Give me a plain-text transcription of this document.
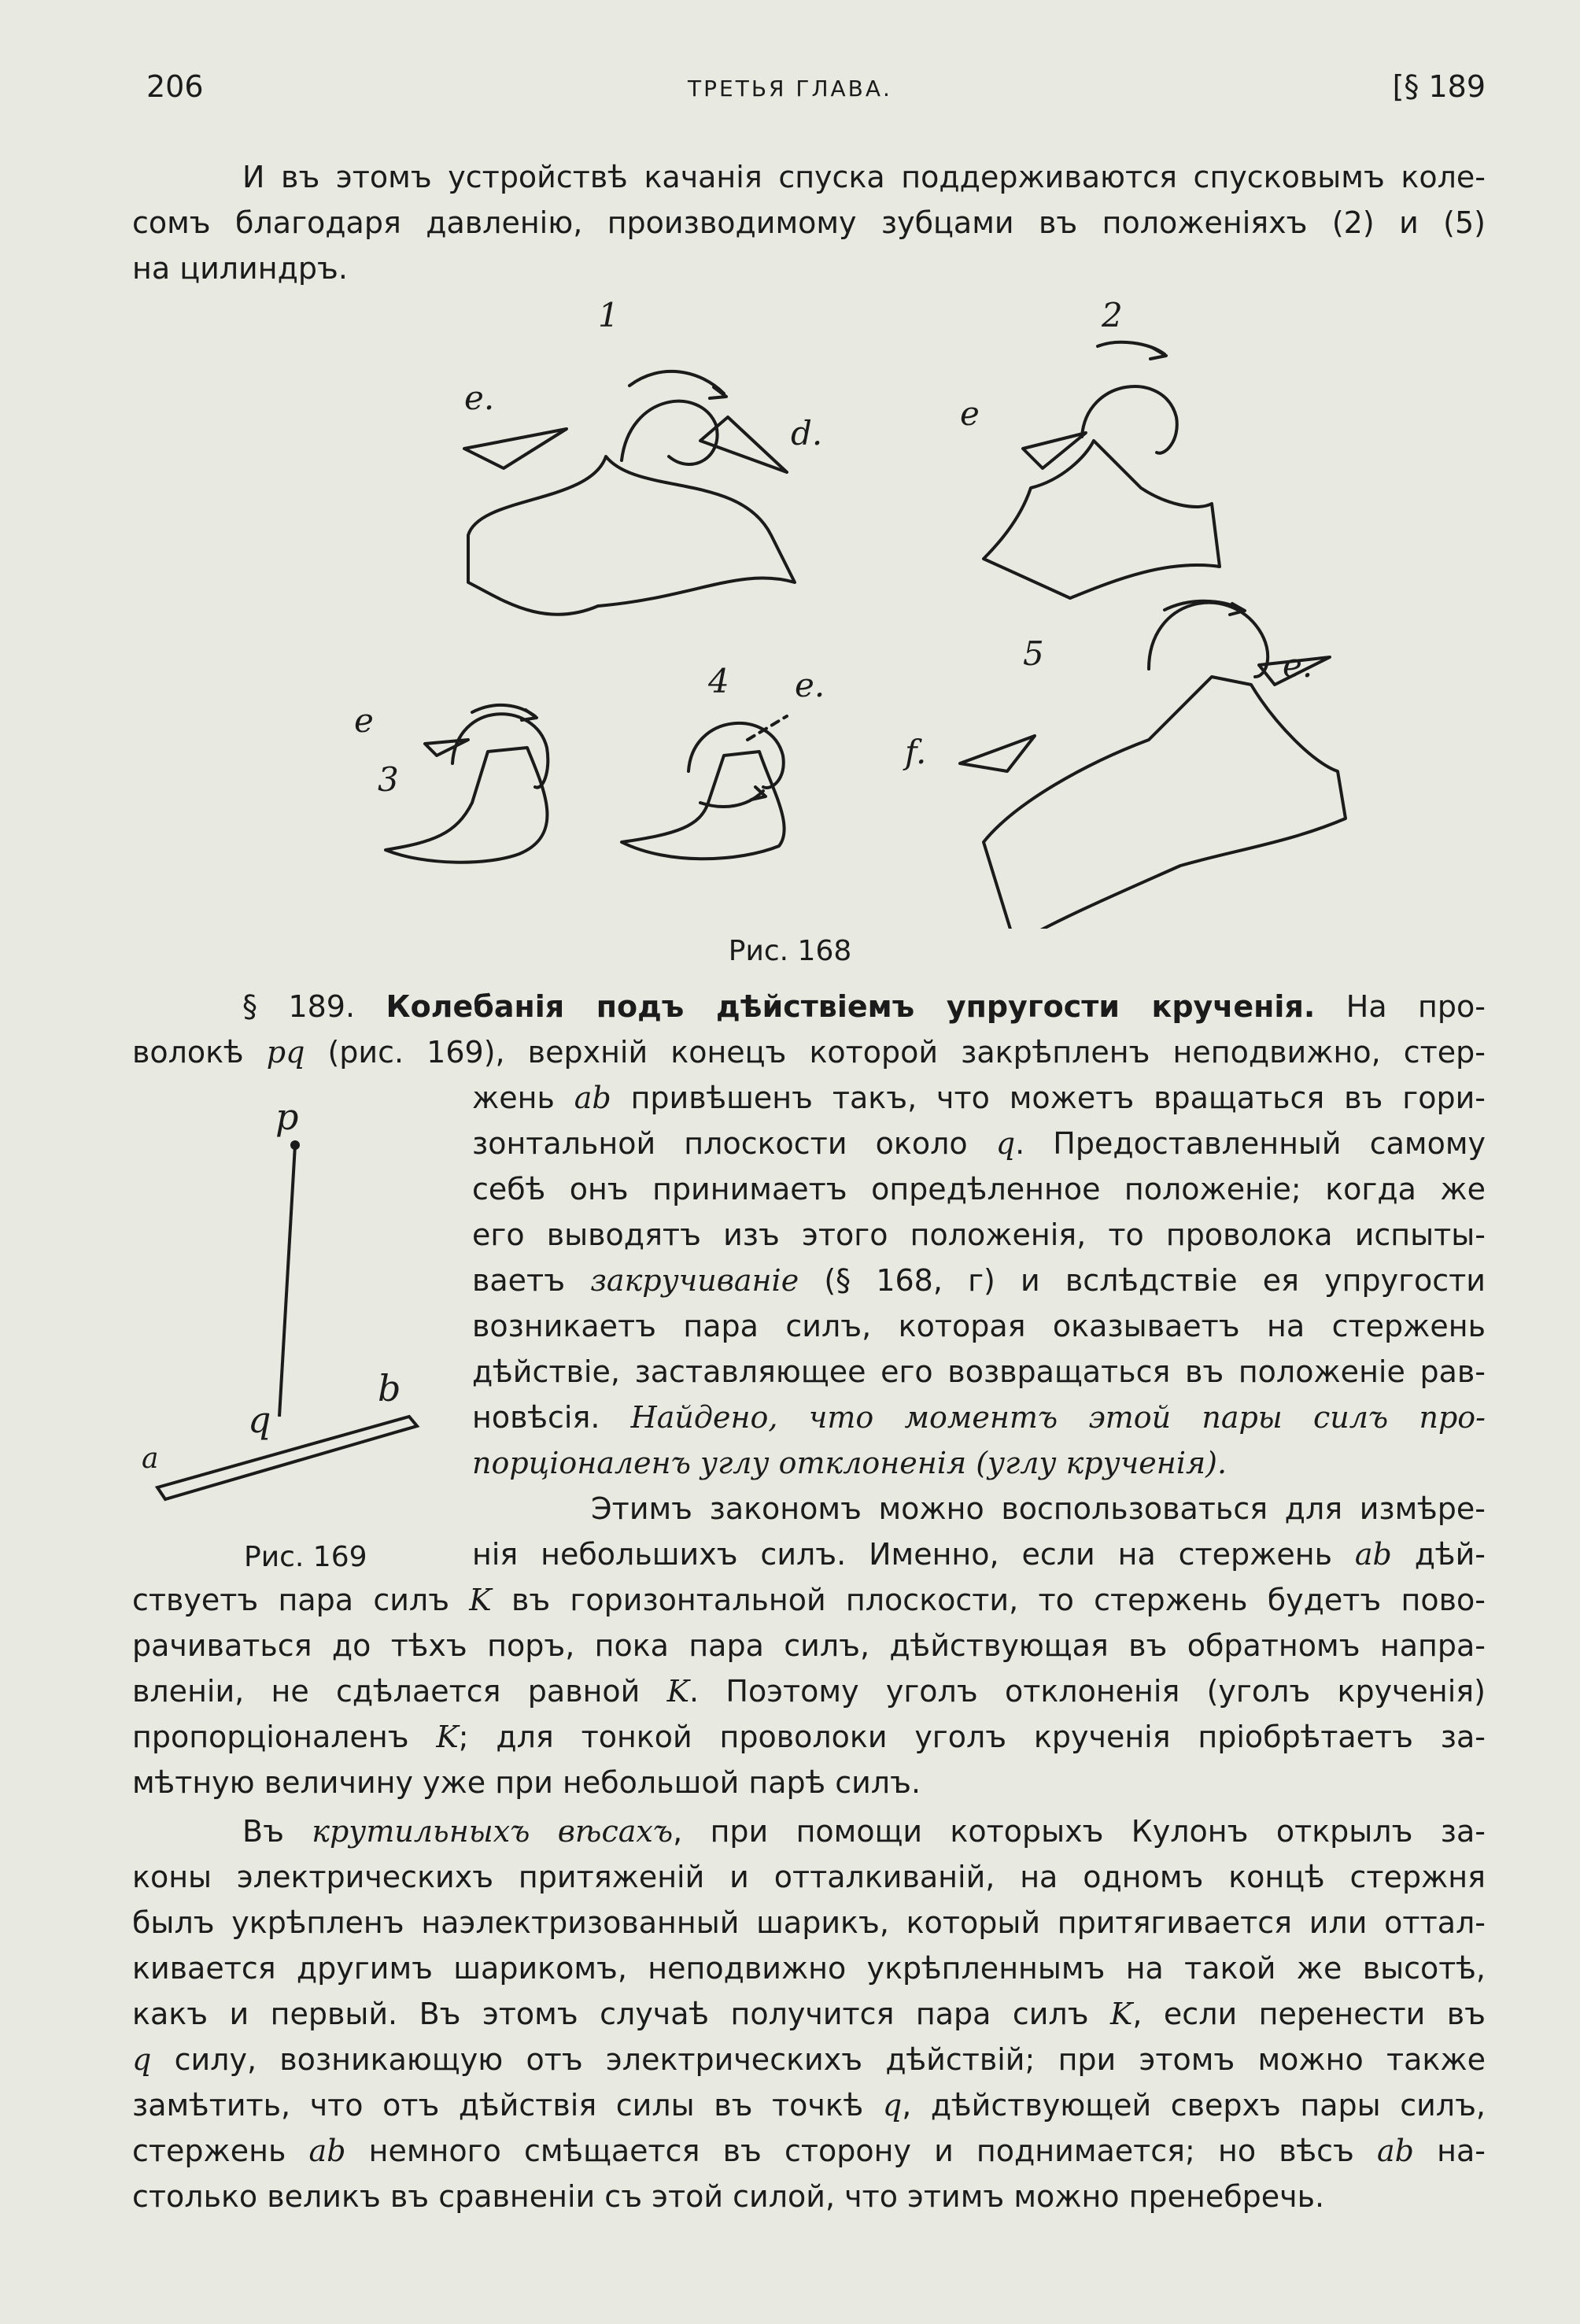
206	ТРЕТЬЯ ГЛАВА.	[§ 189
И въ этомъ устройствѣ качанія спуска поддерживаются спусковымъ коле-
сомъ благодаря давленію, производимому зубцами въ положеніяхъ (2) и (5)
на цилиндръ.
1	2
3
4
5
e.
d.
e
e
e.
f.
e.
Рис. 168
§ 189. Колебанія подъ дѣйствіемъ упругости крученія. На про-
волокѣ pq (рис. 169), верхній конецъ которой закрѣпленъ неподвижно, стер-
p
q
a
b
Рис. 169
жень ab привѣшенъ такъ, что можетъ вращаться въ гори-
зонтальной плоскости около q. Предоставленный самому
себѣ онъ принимаетъ опредѣленное положеніе; когда же
его выводятъ изъ этого положенія, то проволока испыты-
ваетъ закручиваніе (§ 168, г) и вслѣдствіе ея упругости
возникаетъ пара силъ, которая оказываетъ на стержень
дѣйствіе, заставляющее его возвращаться въ положеніе рав-
новѣсія. Найдено, что моментъ этой пары силъ про-
порціоналенъ углу отклоненія (углу крученія).
Этимъ закономъ можно воспользоваться для измѣре-
нія небольшихъ силъ. Именно, если на стержень ab дѣй-
ствуетъ пара силъ K въ горизонтальной плоскости, то стержень будетъ пово-
рачиваться до тѣхъ поръ, пока пара силъ, дѣйствующая въ обратномъ напра-
вленіи, не сдѣлается равной K. Поэтому уголъ отклоненія (уголъ крученія)
пропорціоналенъ K; для тонкой проволоки уголъ крученія пріобрѣтаетъ за-
мѣтную величину уже при небольшой парѣ силъ.
Въ крутильныхъ вѣсахъ, при помощи которыхъ Кулонъ открылъ за-
коны электрическихъ притяженій и отталкиваній, на одномъ концѣ стержня
былъ укрѣпленъ наэлектризованный шарикъ, который притягивается или оттал-
кивается другимъ шарикомъ, неподвижно укрѣпленнымъ на такой же высотѣ,
какъ и первый. Въ этомъ случаѣ получится пара силъ K, если перенести въ
q силу, возникающую отъ электрическихъ дѣйствій; при этомъ можно также
замѣтить, что отъ дѣйствія силы въ точкѣ q, дѣйствующей сверхъ пары силъ,
стержень ab немного смѣщается въ сторону и поднимается; но вѣсъ ab на-
столько великъ въ сравненіи съ этой силой, что этимъ можно пренебречь.
